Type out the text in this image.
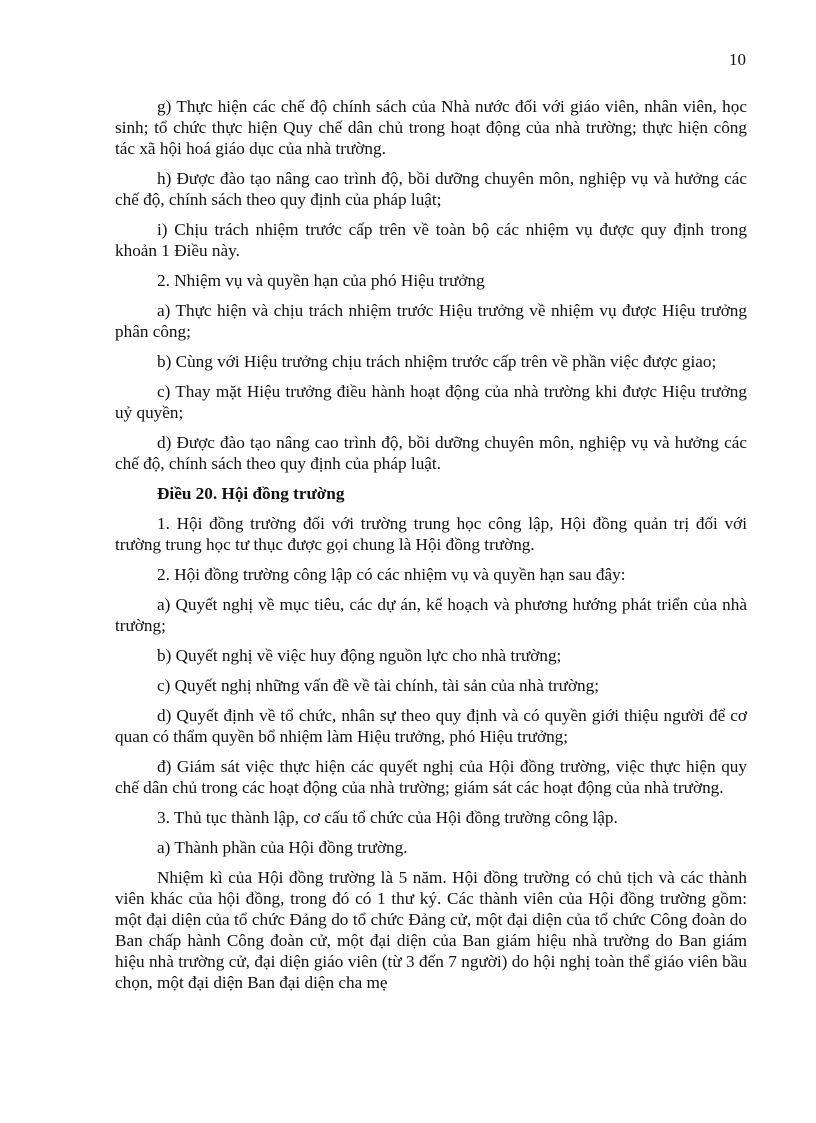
10

g) Thực hiện các chế độ chính sách của Nhà nước đối với giáo viên, nhân viên, học sinh; tổ chức thực hiện Quy chế dân chủ trong hoạt động của nhà trường; thực hiện công tác xã hội hoá giáo dục của nhà trường.

h) Được đào tạo nâng cao trình độ, bồi dưỡng chuyên môn, nghiệp vụ và hưởng các chế độ, chính sách theo quy định của pháp luật;

i) Chịu trách nhiệm trước cấp trên về toàn bộ các nhiệm vụ được quy định trong khoản 1 Điều này.

2. Nhiệm vụ và quyền hạn của phó Hiệu trưởng

a) Thực hiện và chịu trách nhiệm trước Hiệu trưởng về nhiệm vụ được Hiệu trưởng phân công;

b) Cùng với Hiệu trưởng chịu trách nhiệm trước cấp trên về phần việc được giao;

c) Thay mặt Hiệu trưởng điều hành hoạt động của nhà trường khi được Hiệu trưởng uỷ quyền;

d) Được đào tạo nâng cao trình độ, bồi dưỡng chuyên môn, nghiệp vụ và hưởng các chế độ, chính sách theo quy định của pháp luật.

Điều 20. Hội đồng trường

1. Hội đồng trường đối với trường trung học công lập, Hội đồng quản trị đối với trường trung học tư thục được gọi chung là Hội đồng trường.

2. Hội đồng trường công lập có các nhiệm vụ và quyền hạn sau đây:

a) Quyết nghị về mục tiêu, các dự án, kế hoạch và phương hướng phát triển của nhà trường;

b) Quyết nghị về việc huy động nguồn lực cho nhà trường;

c) Quyết nghị những vấn đề về tài chính, tài sản của nhà trường;

d) Quyết định về tổ chức, nhân sự theo quy định và có quyền giới thiệu người để cơ quan có thẩm quyền bổ nhiệm làm Hiệu trưởng, phó Hiệu trưởng;

đ) Giám sát việc thực hiện các quyết nghị của Hội đồng trường, việc thực hiện quy chế dân chủ trong các hoạt động của nhà trường; giám sát các hoạt động của nhà trường.

3. Thủ tục thành lập, cơ cấu tổ chức của Hội đồng trường công lập.

a) Thành phần của Hội đồng trường.

Nhiệm kì của Hội đồng trường là 5 năm. Hội đồng trường có chủ tịch và các thành viên khác của hội đồng, trong đó có 1 thư ký. Các thành viên của Hội đồng trường gồm: một đại diện của tổ chức Đảng do tổ chức Đảng cử, một đại diện của tổ chức Công đoàn do Ban chấp hành Công đoàn cử, một đại diện của Ban giám hiệu nhà trường do Ban giám hiệu nhà trường cử, đại diện giáo viên (từ 3 đến 7 người) do hội nghị toàn thể giáo viên bầu chọn, một đại diện Ban đại diện cha mẹ
